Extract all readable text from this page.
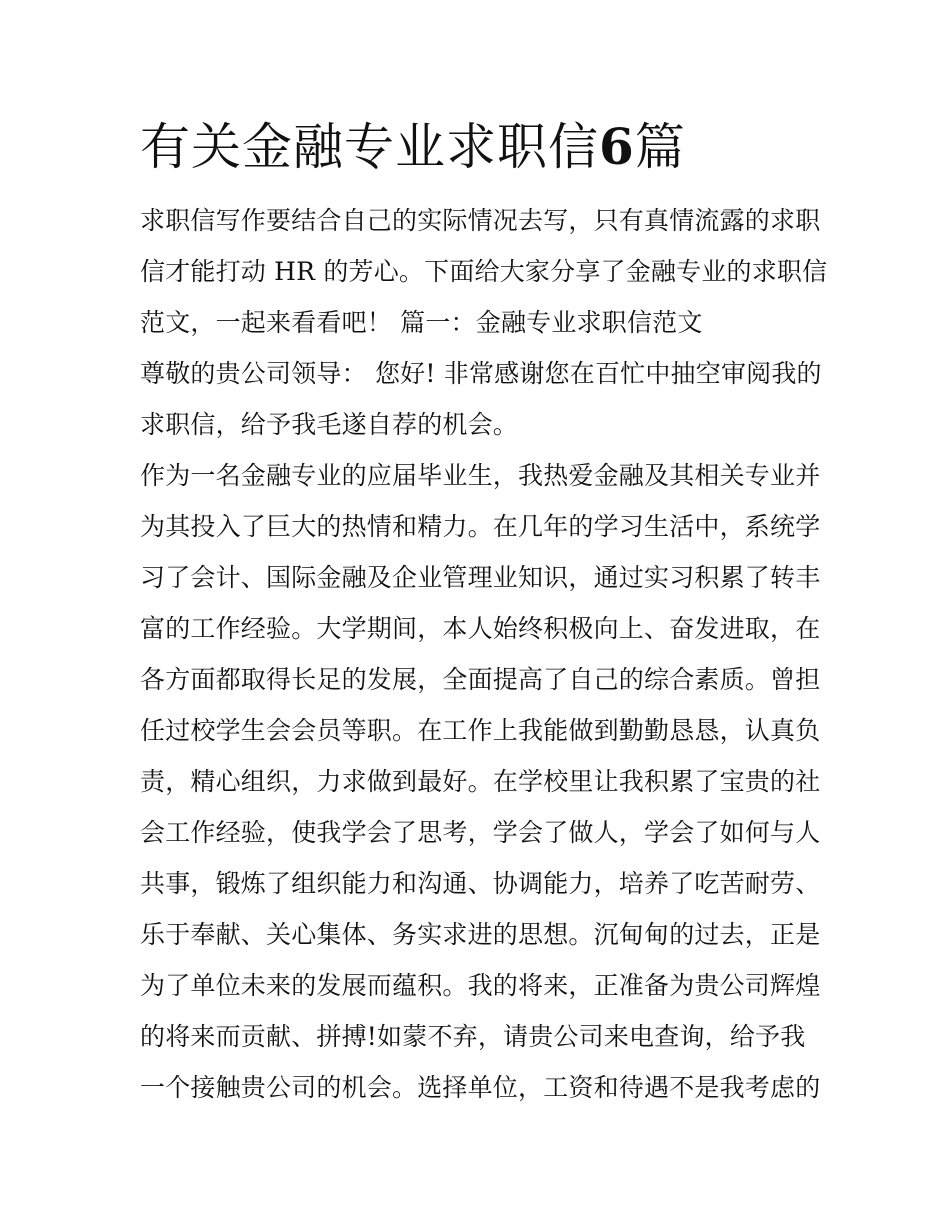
有关金融专业求职信6篇

求职信写作要结合自己的实际情况去写，只有真情流露的求职

信才能打动 HR 的芳心。下面给大家分享了金融专业的求职信

范文，一起来看看吧！ 篇一：金融专业求职信范文

尊敬的贵公司领导： 您好! 非常感谢您在百忙中抽空审阅我的

求职信，给予我毛遂自荐的机会。

作为一名金融专业的应届毕业生，我热爱金融及其相关专业并

为其投入了巨大的热情和精力。在几年的学习生活中，系统学

习了会计、国际金融及企业管理业知识，通过实习积累了转丰

富的工作经验。大学期间，本人始终积极向上、奋发进取，在

各方面都取得长足的发展，全面提高了自己的综合素质。曾担

任过校学生会会员等职。在工作上我能做到勤勤恳恳，认真负

责，精心组织，力求做到最好。在学校里让我积累了宝贵的社

会工作经验，使我学会了思考，学会了做人，学会了如何与人

共事，锻炼了组织能力和沟通、协调能力，培养了吃苦耐劳、

乐于奉献、关心集体、务实求进的思想。沉甸甸的过去，正是

为了单位未来的发展而蕴积。我的将来，正准备为贵公司辉煌

的将来而贡献、拼搏!如蒙不弃，请贵公司来电查询，给予我

一个接触贵公司的机会。选择单位，工资和待遇不是我考虑的
